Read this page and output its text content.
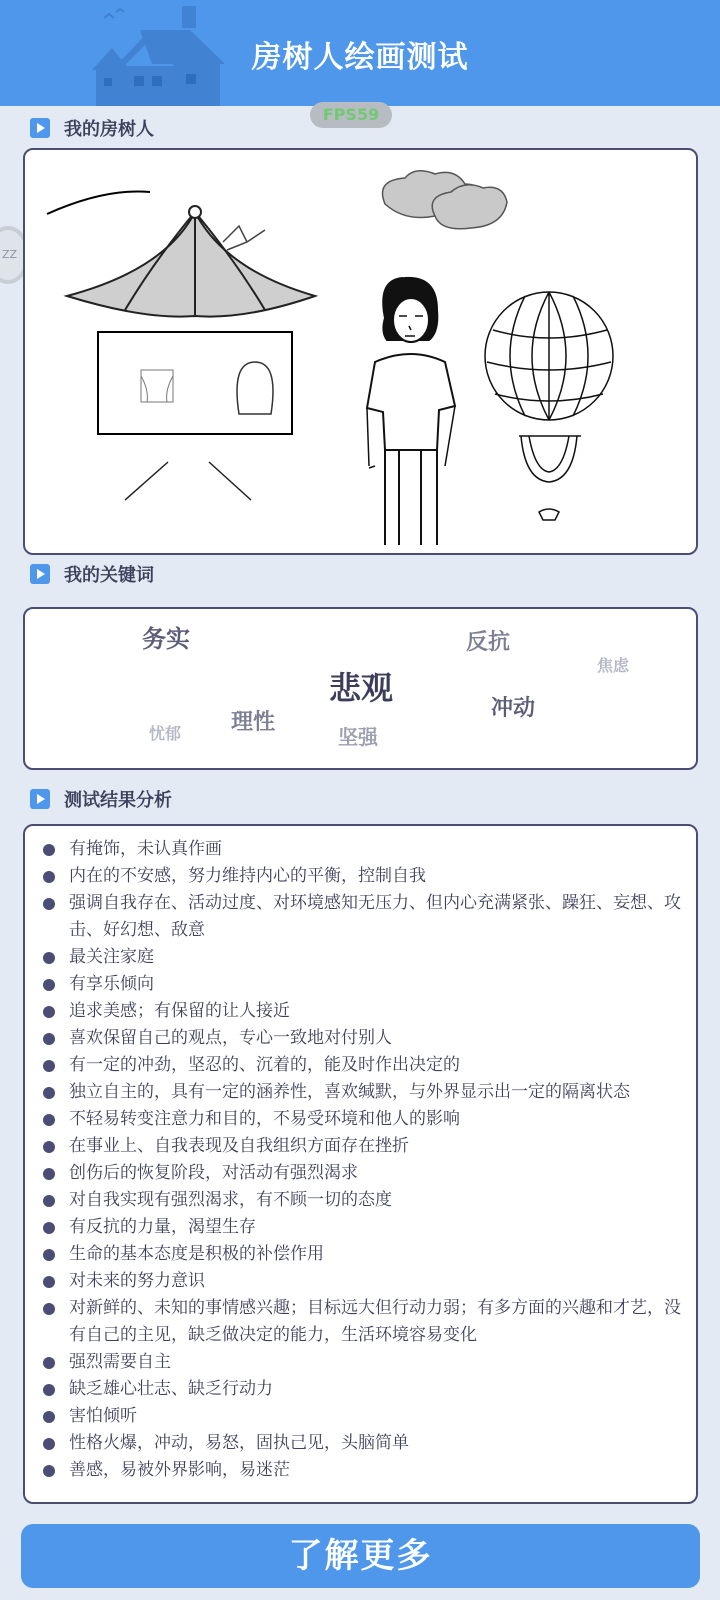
房树人绘画测试
FPS59
ZZ
我的房树人
我的关键词
务实	反抗
焦虑
悲观
冲动
理性
忧郁	坚强
测试结果分析
有掩饰，未认真作画
内在的不安感，努力维持内心的平衡，控制自我
强调自我存在、活动过度、对环境感知无压力、但内心充满紧张、躁狂、妄想、攻击、好幻想、敌意
最关注家庭
有享乐倾向
追求美感；有保留的让人接近
喜欢保留自己的观点，专心一致地对付别人
有一定的冲劲，坚忍的、沉着的，能及时作出决定的
独立自主的，具有一定的涵养性，喜欢缄默，与外界显示出一定的隔离状态
不轻易转变注意力和目的，不易受环境和他人的影响
在事业上、自我表现及自我组织方面存在挫折
创伤后的恢复阶段，对活动有强烈渴求
对自我实现有强烈渴求，有不顾一切的态度
有反抗的力量，渴望生存
生命的基本态度是积极的补偿作用
对未来的努力意识
对新鲜的、未知的事情感兴趣；目标远大但行动力弱；有多方面的兴趣和才艺，没有自己的主见，缺乏做决定的能力，生活环境容易变化
强烈需要自主
缺乏雄心壮志、缺乏行动力
害怕倾听
性格火爆，冲动，易怒，固执己见，头脑简单
善感，易被外界影响，易迷茫
了解更多
